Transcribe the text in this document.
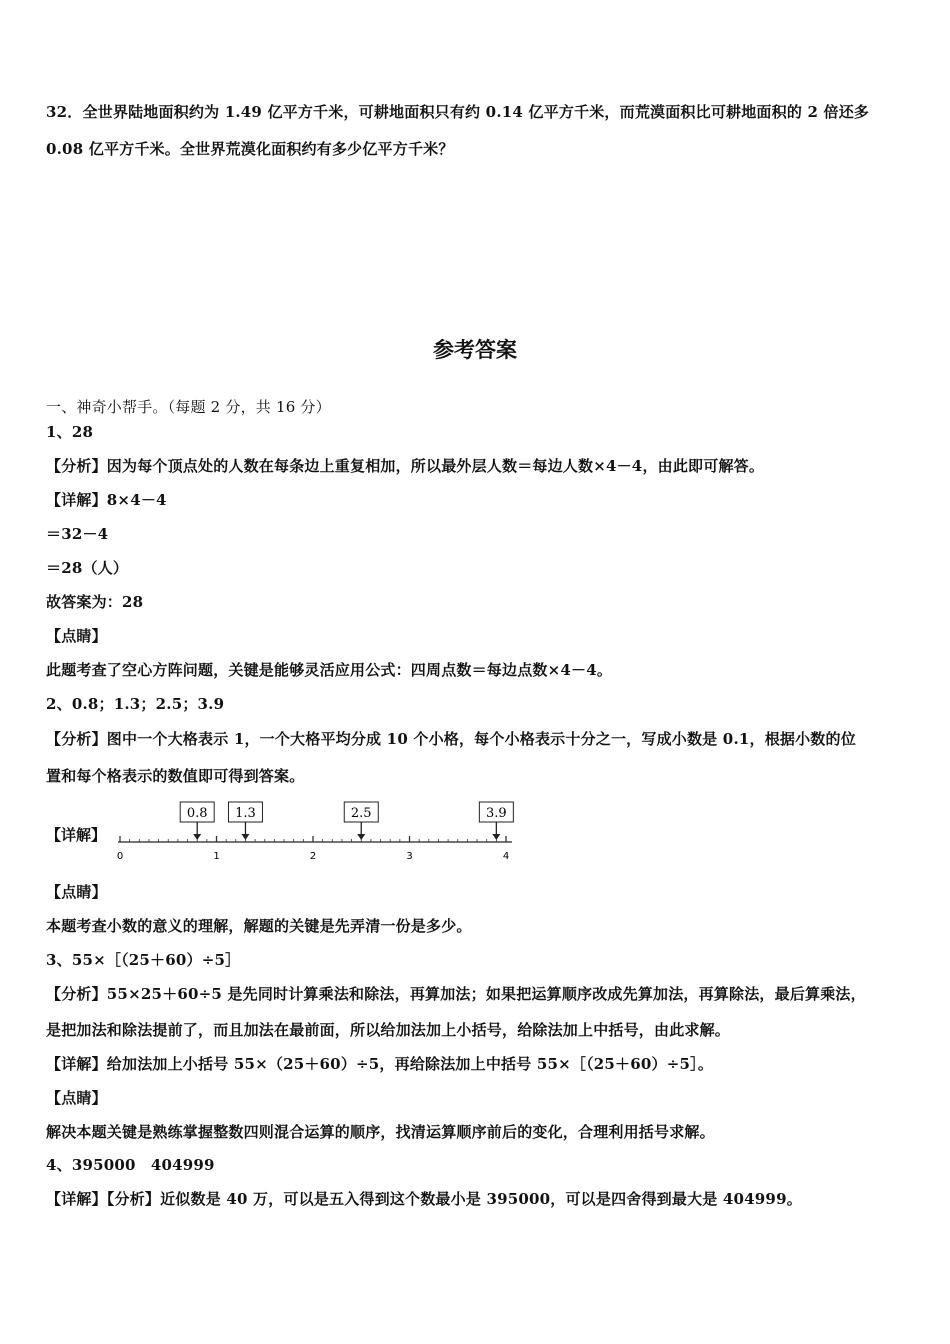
32．全世界陆地面积约为 1.49 亿平方千米，可耕地面积只有约 0.14 亿平方千米，而荒漠面积比可耕地面积的 2 倍还多
0.08 亿平方千米。全世界荒漠化面积约有多少亿平方千米？
参考答案
一、神奇小帮手。（每题 2 分，共 16 分）
1、28
【分析】因为每个顶点处的人数在每条边上重复相加，所以最外层人数＝每边人数×4－4，由此即可解答。
【详解】8×4－4
＝32－4
＝28（人）
故答案为：28
【点睛】
此题考查了空心方阵问题，关键是能够灵活应用公式：四周点数＝每边点数×4－4。
2、0.8；1.3；2.5；3.9
【分析】图中一个大格表示 1，一个大格平均分成 10 个小格，每个小格表示十分之一，写成小数是 0.1，根据小数的位
置和每个格表示的数值即可得到答案。
【详解】
0	1	2	3	4
0.8 1.3	2.5	3.9
【点睛】
本题考查小数的意义的理解，解题的关键是先弄清一份是多少。
3、55×［（25＋60）÷5］
【分析】55×25＋60÷5 是先同时计算乘法和除法，再算加法；如果把运算顺序改成先算加法，再算除法，最后算乘法，
是把加法和除法提前了，而且加法在最前面，所以给加法加上小括号，给除法加上中括号，由此求解。
【详解】给加法加上小括号 55×（25＋60）÷5，再给除法加上中括号 55×［（25＋60）÷5］。
【点睛】
解决本题关键是熟练掌握整数四则混合运算的顺序，找清运算顺序前后的变化，合理利用括号求解。
4、395000　404999
【详解】【分析】近似数是 40 万，可以是五入得到这个数最小是 395000，可以是四舍得到最大是 404999。
